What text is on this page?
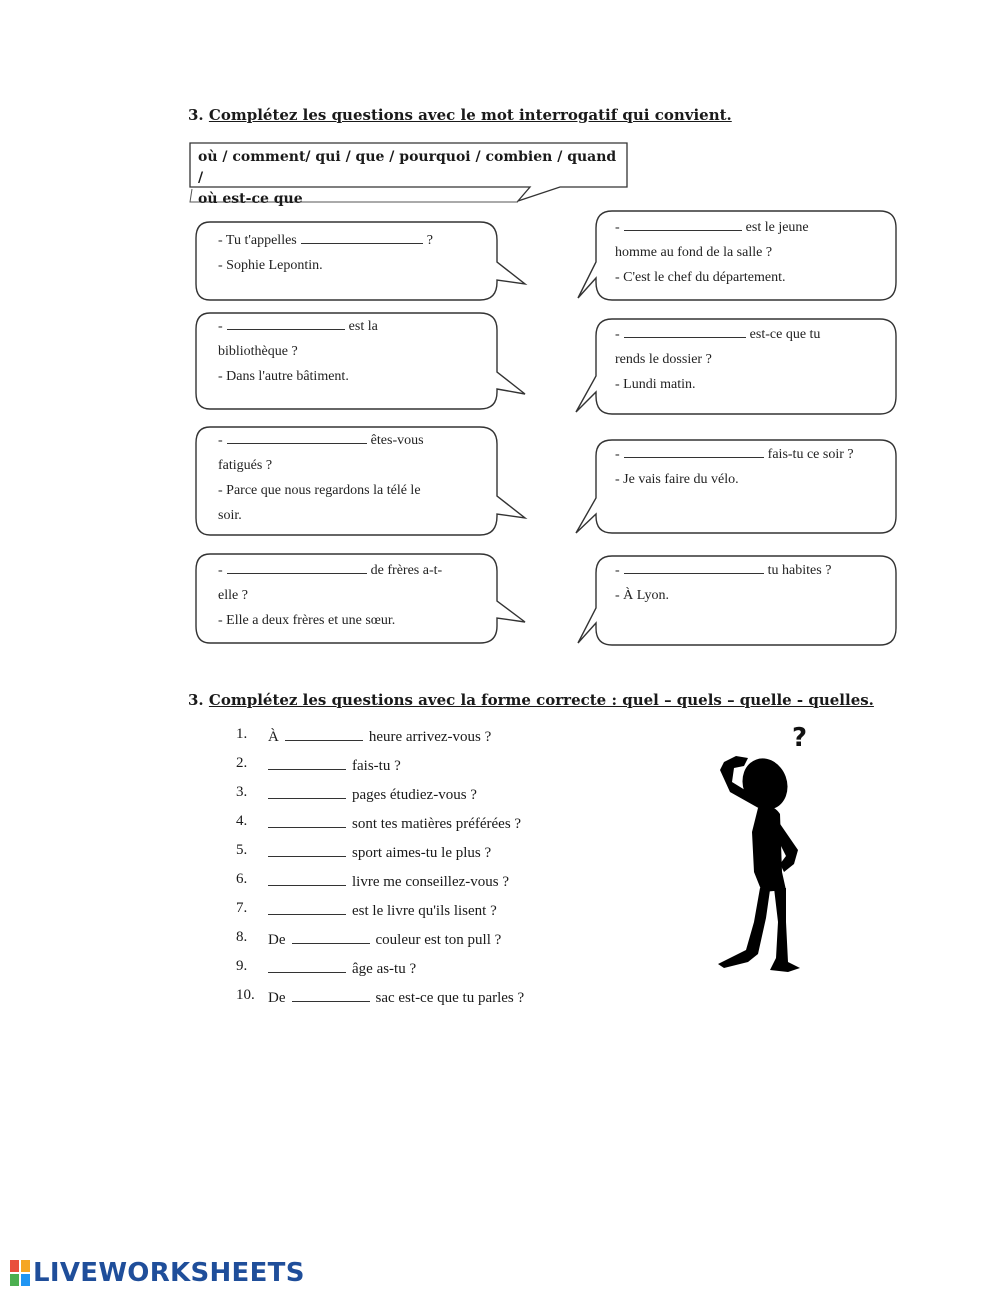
3. Complétez les questions avec le mot interrogatif qui convient.
où / comment/ qui / que / pourquoi / combien / quand /
où est-ce que
- Tu t'appelles	?
- Sophie Lepontin.
-	est le jeune
homme au fond de la salle ?
- C'est le chef du département.
-	est la
bibliothèque ?
- Dans l'autre bâtiment.
-	est-ce que tu
rends le dossier ?
- Lundi matin.
-	êtes-vous
fatigués ?
- Parce que nous regardons la télé le
soir.
-	fais-tu ce soir ?
- Je vais faire du vélo.
-	de frères a-t-
elle ?
- Elle a deux frères et une sœur.
-	tu habites ?
- À Lyon.
3. Complétez les questions avec la forme correcte : quel – quels – quelle - quelles.
1.	À	heure arrivez-vous ?
2.	fais-tu ?
3.	pages étudiez-vous ?
4.	sont tes matières préférées ?
5.	sport aimes-tu le plus ?
6.	livre me conseillez-vous ?
7.	est le livre qu'ils lisent ?
8.	De	couleur est ton pull ?
9.	âge as-tu ?
10. De	sac est-ce que tu parles ?
?
LIVEWORKSHEETS
